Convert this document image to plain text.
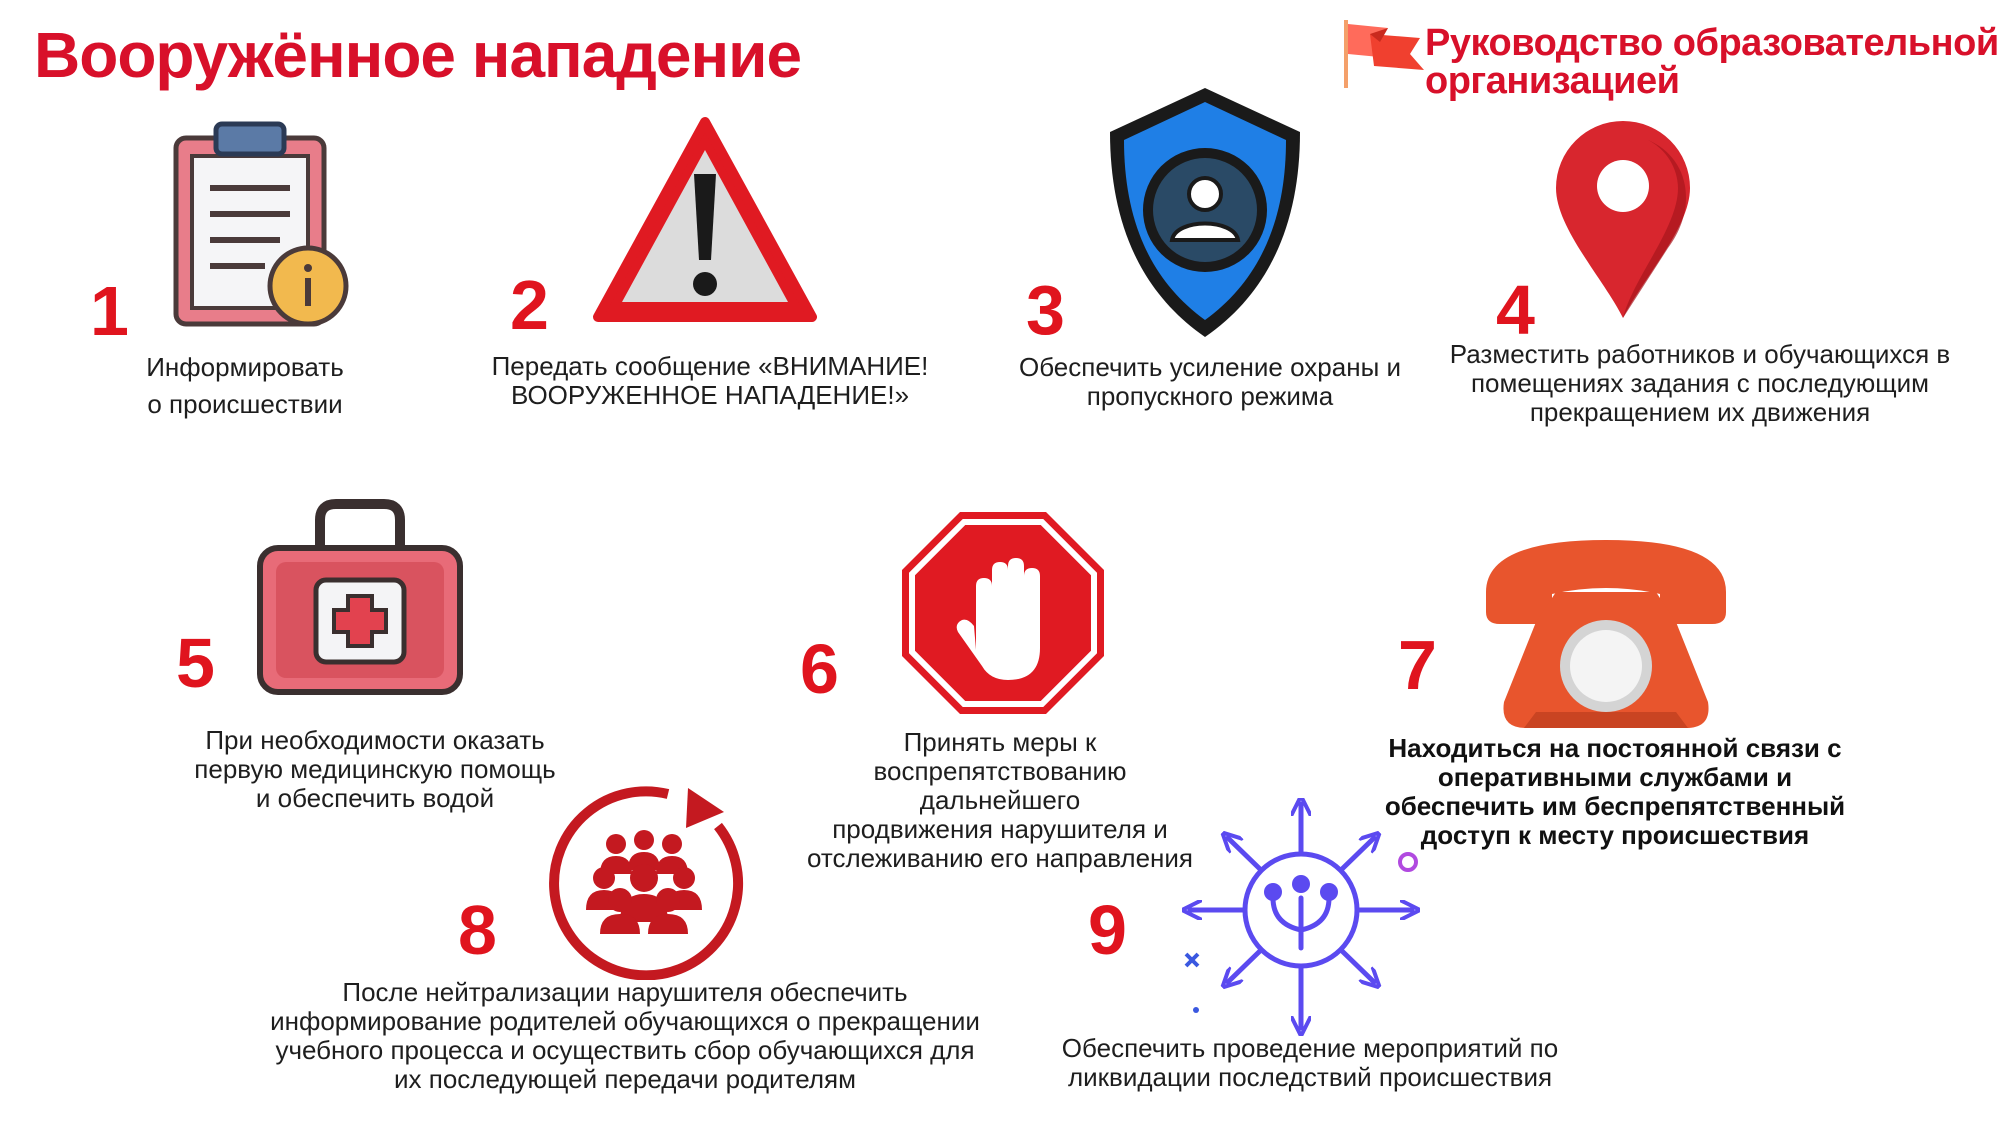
Вооружённое нападение	Руководство образовательной
организацией
1
Информировать
о происшествии
2
Передать сообщение «ВНИМАНИЕ!
ВООРУЖЕННОЕ НАПАДЕНИЕ!»
3
Обеспечить усиление охраны и
пропускного режима
4
Разместить работников и обучающихся в
помещениях задания с последующим
прекращением их движения
5
При необходимости оказать
первую медицинскую помощь
и обеспечить водой
6
Принять меры к
воспрепятствованию дальнейшего
продвижения нарушителя и
отслеживанию его направления
7
Находиться на постоянной связи с
оперативными службами и
обеспечить им беспрепятственный
доступ к месту происшествия
8
После нейтрализации нарушителя обеспечить
информирование родителей обучающихся о прекращении
учебного процесса и осуществить сбор обучающихся для
их последующей передачи родителям
9
Обеспечить проведение мероприятий по
ликвидации последствий происшествия
